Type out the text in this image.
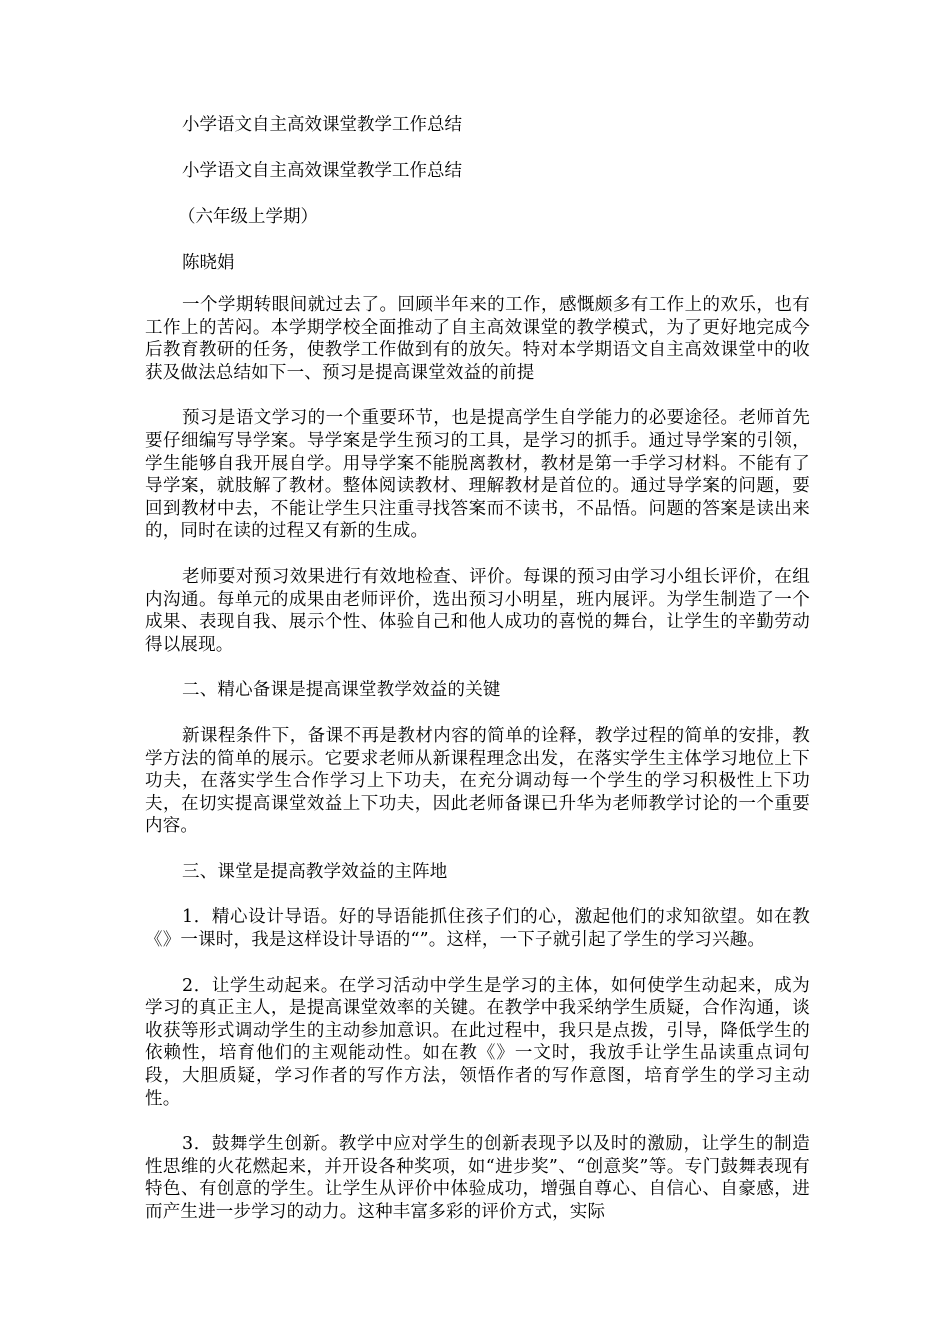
小学语文自主高效课堂教学工作总结
小学语文自主高效课堂教学工作总结
（六年级上学期）
陈晓娟

一个学期转眼间就过去了。回顾半年来的工作，感慨颇多有工作上的欢乐，也有工作上的苦闷。本学期学校全面推动了自主高效课堂的教学模式，为了更好地完成今后教育教研的任务，使教学工作做到有的放矢。特对本学期语文自主高效课堂中的收获及做法总结如下一、预习是提高课堂效益的前提

预习是语文学习的一个重要环节，也是提高学生自学能力的必要途径。老师首先要仔细编写导学案。导学案是学生预习的工具，是学习的抓手。通过导学案的引领，学生能够自我开展自学。用导学案不能脱离教材，教材是第一手学习材料。不能有了导学案，就肢解了教材。整体阅读教材、理解教材是首位的。通过导学案的问题，要回到教材中去，不能让学生只注重寻找答案而不读书，不品悟。问题的答案是读出来的，同时在读的过程又有新的生成。

老师要对预习效果进行有效地检查、评价。每课的预习由学习小组长评价，在组内沟通。每单元的成果由老师评价，选出预习小明星，班内展评。为学生制造了一个成果、表现自我、展示个性、体验自己和他人成功的喜悦的舞台，让学生的辛勤劳动得以展现。

二、精心备课是提高课堂教学效益的关键

新课程条件下，备课不再是教材内容的简单的诠释，教学过程的简单的安排，教学方法的简单的展示。它要求老师从新课程理念出发，在落实学生主体学习地位上下功夫，在落实学生合作学习上下功夫，在充分调动每一个学生的学习积极性上下功夫，在切实提高课堂效益上下功夫，因此老师备课已升华为老师教学讨论的一个重要内容。

三、课堂是提高教学效益的主阵地

1．精心设计导语。好的导语能抓住孩子们的心，激起他们的求知欲望。如在教《》一课时，我是这样设计导语的“”。这样，一下子就引起了学生的学习兴趣。

2．让学生动起来。在学习活动中学生是学习的主体，如何使学生动起来，成为学习的真正主人，是提高课堂效率的关键。在教学中我采纳学生质疑，合作沟通，谈收获等形式调动学生的主动参加意识。在此过程中，我只是点拨，引导，降低学生的依赖性，培育他们的主观能动性。如在教《》一文时，我放手让学生品读重点词句段，大胆质疑，学习作者的写作方法，领悟作者的写作意图，培育学生的学习主动性。

3．鼓舞学生创新。教学中应对学生的创新表现予以及时的激励，让学生的制造性思维的火花燃起来，并开设各种奖项，如“进步奖”、“创意奖”等。专门鼓舞表现有特色、有创意的学生。让学生从评价中体验成功，增强自尊心、自信心、自豪感，进而产生进一步学习的动力。这种丰富多彩的评价方式，实际
